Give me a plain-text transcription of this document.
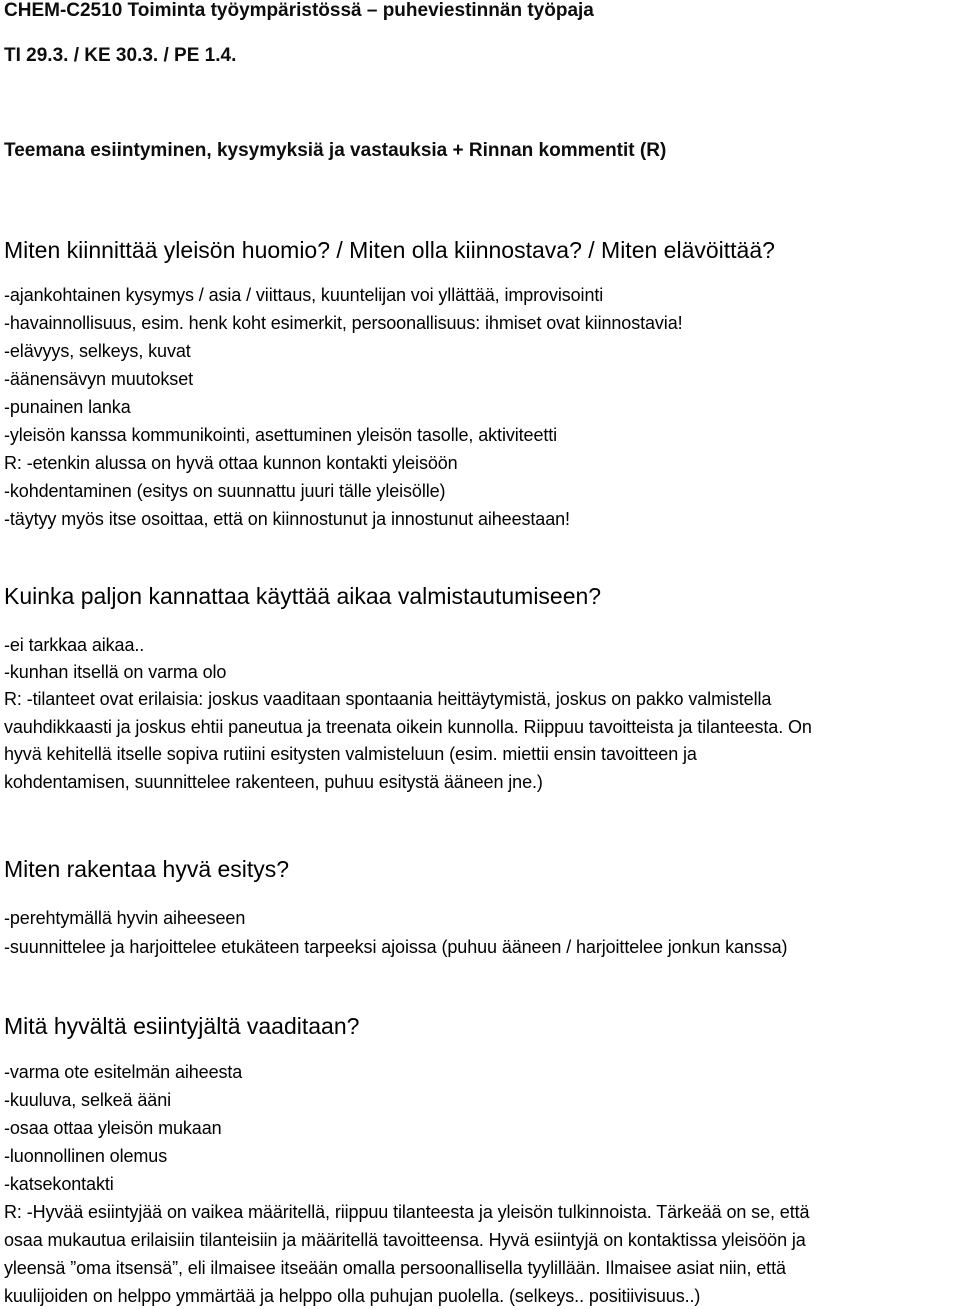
CHEM-C2510 Toiminta työympäristössä – puheviestinnän työpaja
TI 29.3. / KE 30.3. / PE 1.4.
Teemana esiintyminen, kysymyksiä ja vastauksia + Rinnan kommentit (R)
Miten kiinnittää yleisön huomio? / Miten olla kiinnostava? / Miten elävöittää?
-ajankohtainen kysymys / asia / viittaus, kuuntelijan voi yllättää, improvisointi
-havainnollisuus, esim. henk koht esimerkit, persoonallisuus: ihmiset ovat kiinnostavia!
-elävyys, selkeys, kuvat
-äänensävyn muutokset
-punainen lanka
-yleisön kanssa kommunikointi, asettuminen yleisön tasolle, aktiviteetti
R: -etenkin alussa on hyvä ottaa kunnon kontakti yleisöön
-kohdentaminen (esitys on suunnattu juuri tälle yleisölle)
-täytyy myös itse osoittaa, että on kiinnostunut ja innostunut aiheestaan!
Kuinka paljon kannattaa käyttää aikaa valmistautumiseen?
-ei tarkkaa aikaa..
-kunhan itsellä on varma olo
R: -tilanteet ovat erilaisia: joskus vaaditaan spontaania heittäytymistä, joskus on pakko valmistella
vauhdikkaasti ja joskus ehtii paneutua ja treenata oikein kunnolla. Riippuu tavoitteista ja tilanteesta. On
hyvä kehitellä itselle sopiva rutiini esitysten valmisteluun (esim. miettii ensin tavoitteen ja
kohdentamisen, suunnittelee rakenteen, puhuu esitystä ääneen jne.)
Miten rakentaa hyvä esitys?
-perehtymällä hyvin aiheeseen
-suunnittelee ja harjoittelee etukäteen tarpeeksi ajoissa (puhuu ääneen / harjoittelee jonkun kanssa)
Mitä hyvältä esiintyjältä vaaditaan?
-varma ote esitelmän aiheesta
-kuuluva, selkeä ääni
-osaa ottaa yleisön mukaan
-luonnollinen olemus
-katsekontakti
R: -Hyvää esiintyjää on vaikea määritellä, riippuu tilanteesta ja yleisön tulkinnoista. Tärkeää on se, että
osaa mukautua erilaisiin tilanteisiin ja määritellä tavoitteensa. Hyvä esiintyjä on kontaktissa yleisöön ja
yleensä ”oma itsensä”, eli ilmaisee itseään omalla persoonallisella tyylillään. Ilmaisee asiat niin, että
kuulijoiden on helppo ymmärtää ja helppo olla puhujan puolella. (selkeys.. positiivisuus..)
